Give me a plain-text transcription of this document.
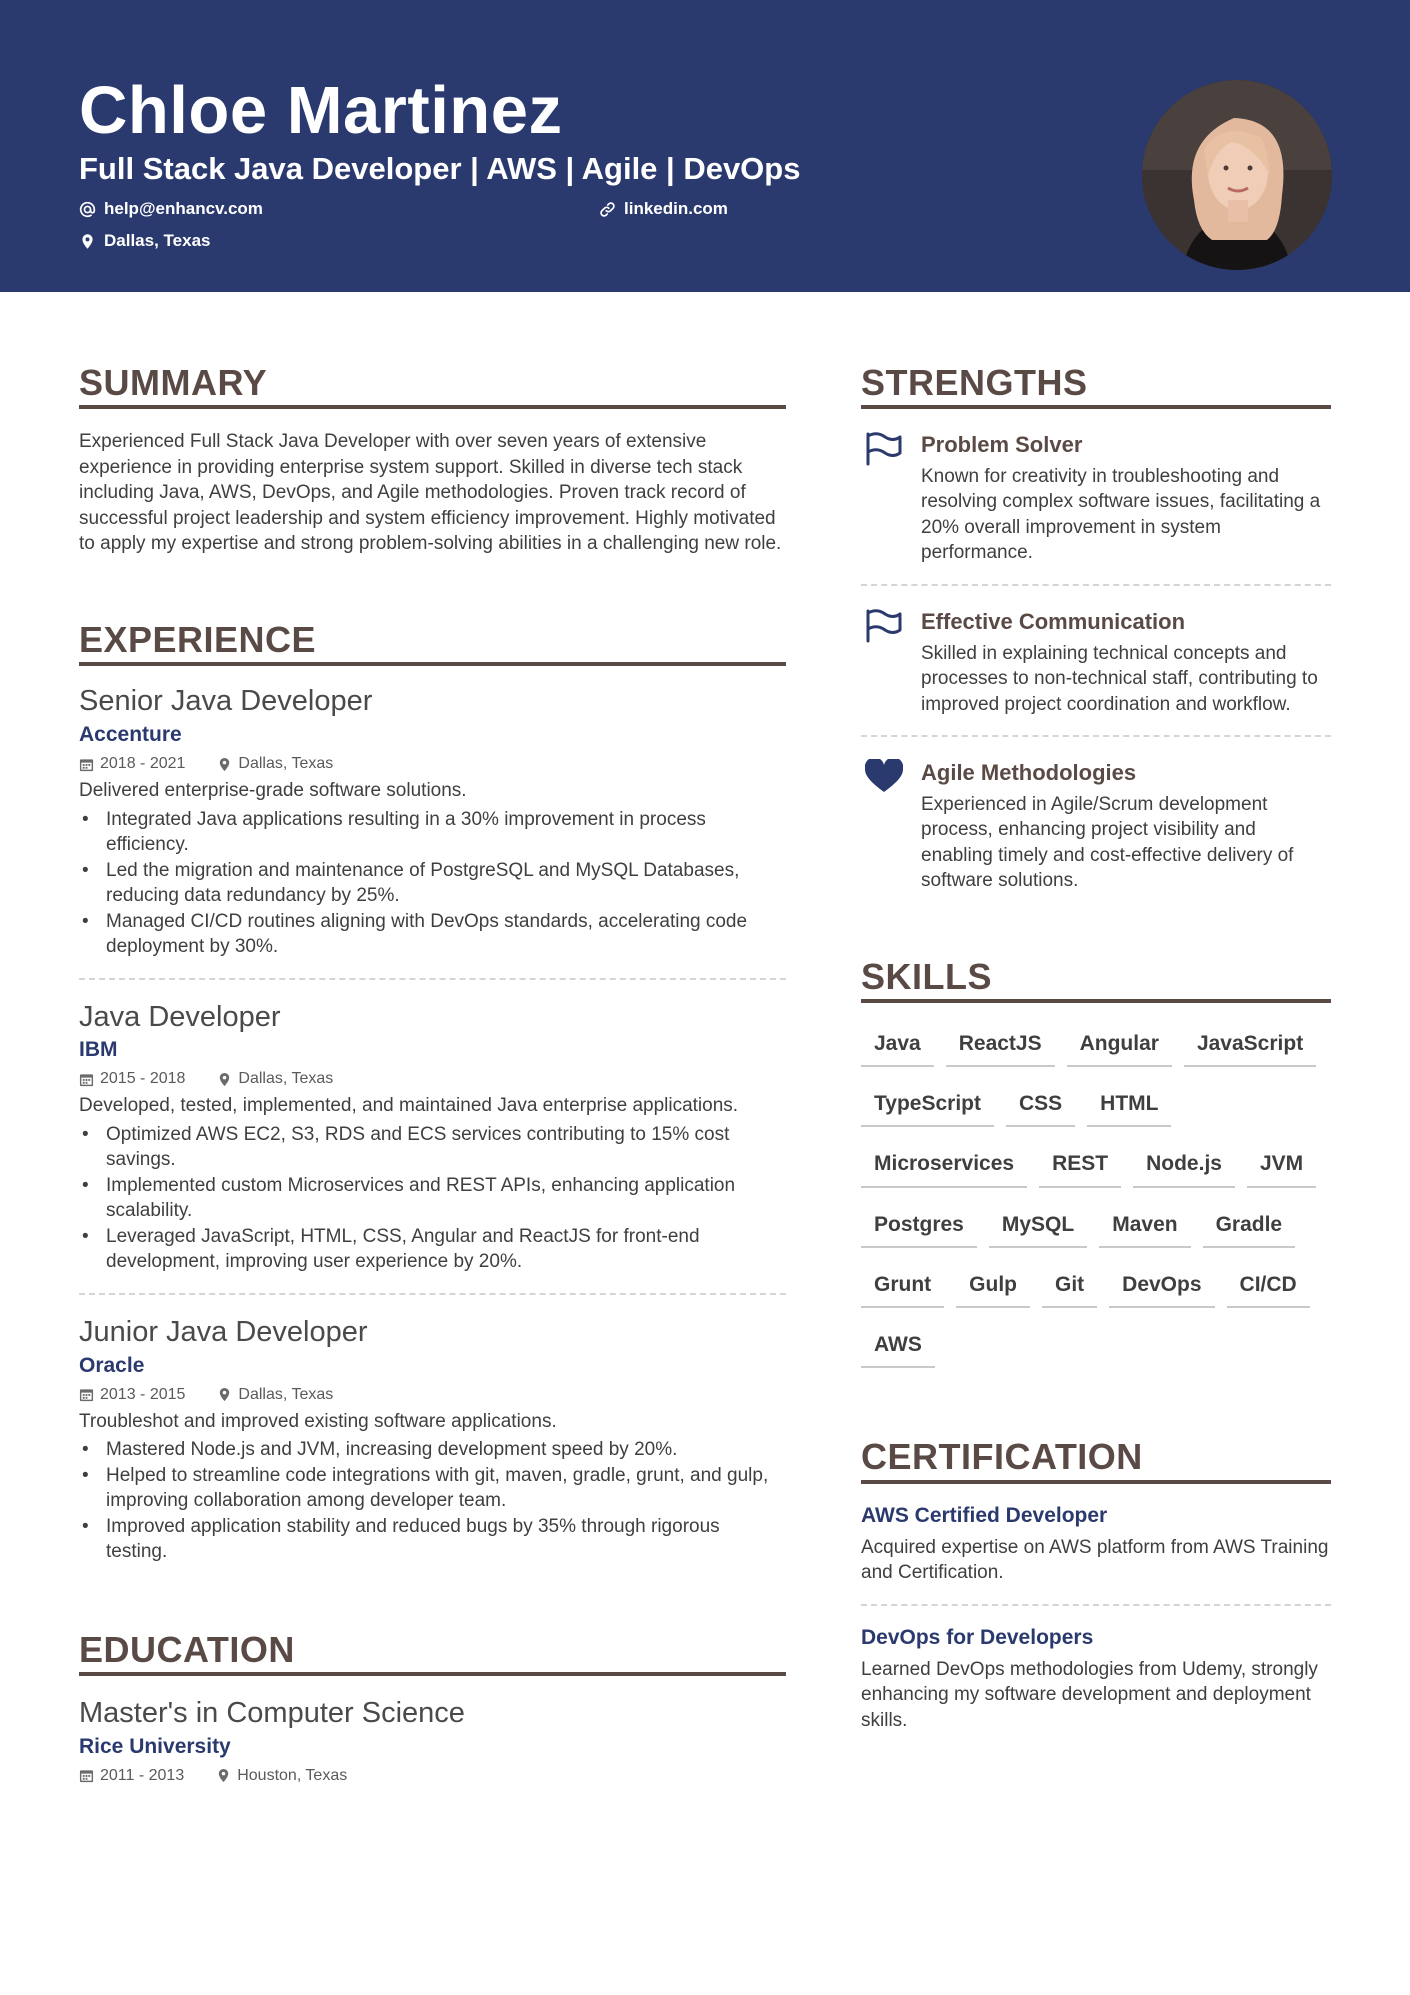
Chloe Martinez
Full Stack Java Developer | AWS | Agile | DevOps
help@enhancv.com	linkedin.com
Dallas, Texas
SUMMARY
Experienced Full Stack Java Developer with over seven years of extensive experience in providing enterprise system support. Skilled in diverse tech stack including Java, AWS, DevOps, and Agile methodologies. Proven track record of successful project leadership and system efficiency improvement. Highly motivated to apply my expertise and strong problem-solving abilities in a challenging new role.
EXPERIENCE
Senior Java Developer
Accenture
2018 - 2021	Dallas, Texas
Delivered enterprise-grade software solutions.
• Integrated Java applications resulting in a 30% improvement in process efficiency.
• Led the migration and maintenance of PostgreSQL and MySQL Databases, reducing data redundancy by 25%.
• Managed CI/CD routines aligning with DevOps standards, accelerating code deployment by 30%.
Java Developer
IBM
2015 - 2018	Dallas, Texas
Developed, tested, implemented, and maintained Java enterprise applications.
• Optimized AWS EC2, S3, RDS and ECS services contributing to 15% cost savings.
• Implemented custom Microservices and REST APIs, enhancing application scalability.
• Leveraged JavaScript, HTML, CSS, Angular and ReactJS for front-end development, improving user experience by 20%.
Junior Java Developer
Oracle
2013 - 2015	Dallas, Texas
Troubleshot and improved existing software applications.
• Mastered Node.js and JVM, increasing development speed by 20%.
• Helped to streamline code integrations with git, maven, gradle, grunt, and gulp, improving collaboration among developer team.
• Improved application stability and reduced bugs by 35% through rigorous testing.
EDUCATION
Master's in Computer Science
Rice University
2011 - 2013	Houston, Texas
STRENGTHS
Problem Solver

Known for creativity in troubleshooting and resolving complex software issues, facilitating a 20% overall improvement in system performance.

Effective Communication

Skilled in explaining technical concepts and processes to non-technical staff, contributing to improved project coordination and workflow.

Agile Methodologies

Experienced in Agile/Scrum development process, enhancing project visibility and enabling timely and cost-effective delivery of software solutions.

SKILLS
Java	ReactJS	Angular	JavaScript
TypeScript	CSS	HTML
Microservices	REST	Node.js	JVM
Postgres	MySQL	Maven	Gradle
Grunt	Gulp	Git	DevOps	CI/CD
AWS
CERTIFICATION
AWS Certified Developer

Acquired expertise on AWS platform from AWS Training and Certification.

DevOps for Developers

Learned DevOps methodologies from Udemy, strongly enhancing my software development and deployment skills.
